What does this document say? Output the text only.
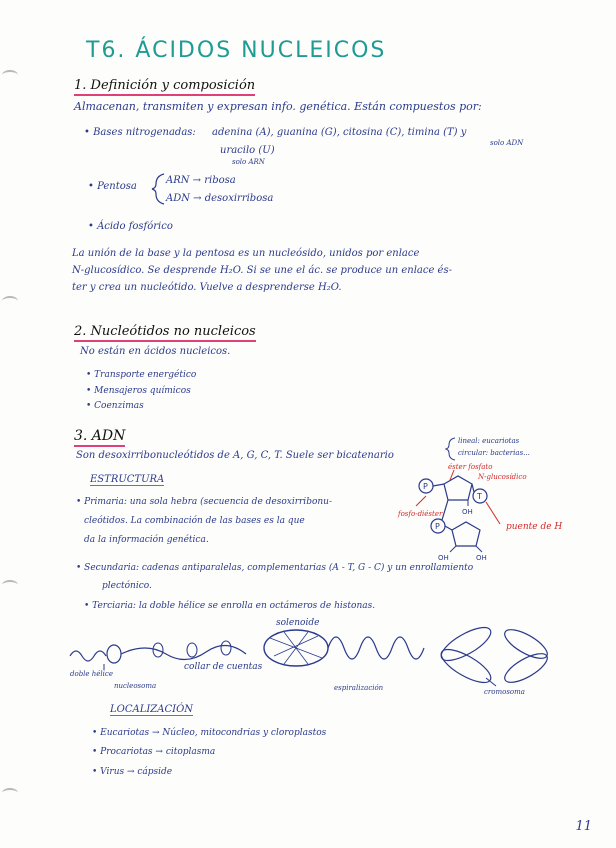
T6. ÁCIDOS NUCLEICOS
1. Definición y composición
Almacenan, transmiten y expresan info. genética. Están compuestos por:
• Bases nitrogenadas: adenina (A), guanina (G), citosina (C), timina (T) y
solo ADN
uracilo (U)
solo ARN
• Pentosa
ARN → ribosa
ADN → desoxirribosa
• Ácido fosfórico
La unión de la base y la pentosa es un nucleósido, unidos por enlace
N-glucosídico. Se desprende H₂O. Si se une el ác. se produce un enlace és-
ter y crea un nucleótido. Vuelve a desprenderse H₂O.
2. Nucleótidos no nucleicos
No están en ácidos nucleicos.
• Transporte energético
• Mensajeros químicos
• Coenzimas
3. ADN
Son desoxirribonucleótidos de A, G, C, T. Suele ser bicatenario
lineal: eucariotas
circular: bacterias...
ESTRUCTURA
• Primaria: una sola hebra (secuencia de desoxirribonu-
cleótidos. La combinación de las bases es la que
da la información genética.
P
T
P
OH
OH	OH
éster fosfato
N-glucosídico
fosfo-diéster
puente de H
• Secundaria: cadenas antiparalelas, complementarias (A - T, G - C) y un enrollamiento
plectónico.
• Terciaria: la doble hélice se enrolla en octámeros de histonas.
solenoide
doble hélice
nucleosoma
collar de cuentas
espiralización	cromosoma
LOCALIZACIÓN
• Eucariotas → Núcleo, mitocondrias y cloroplastos
• Procariotas → citoplasma
• Virus → cápside
11
